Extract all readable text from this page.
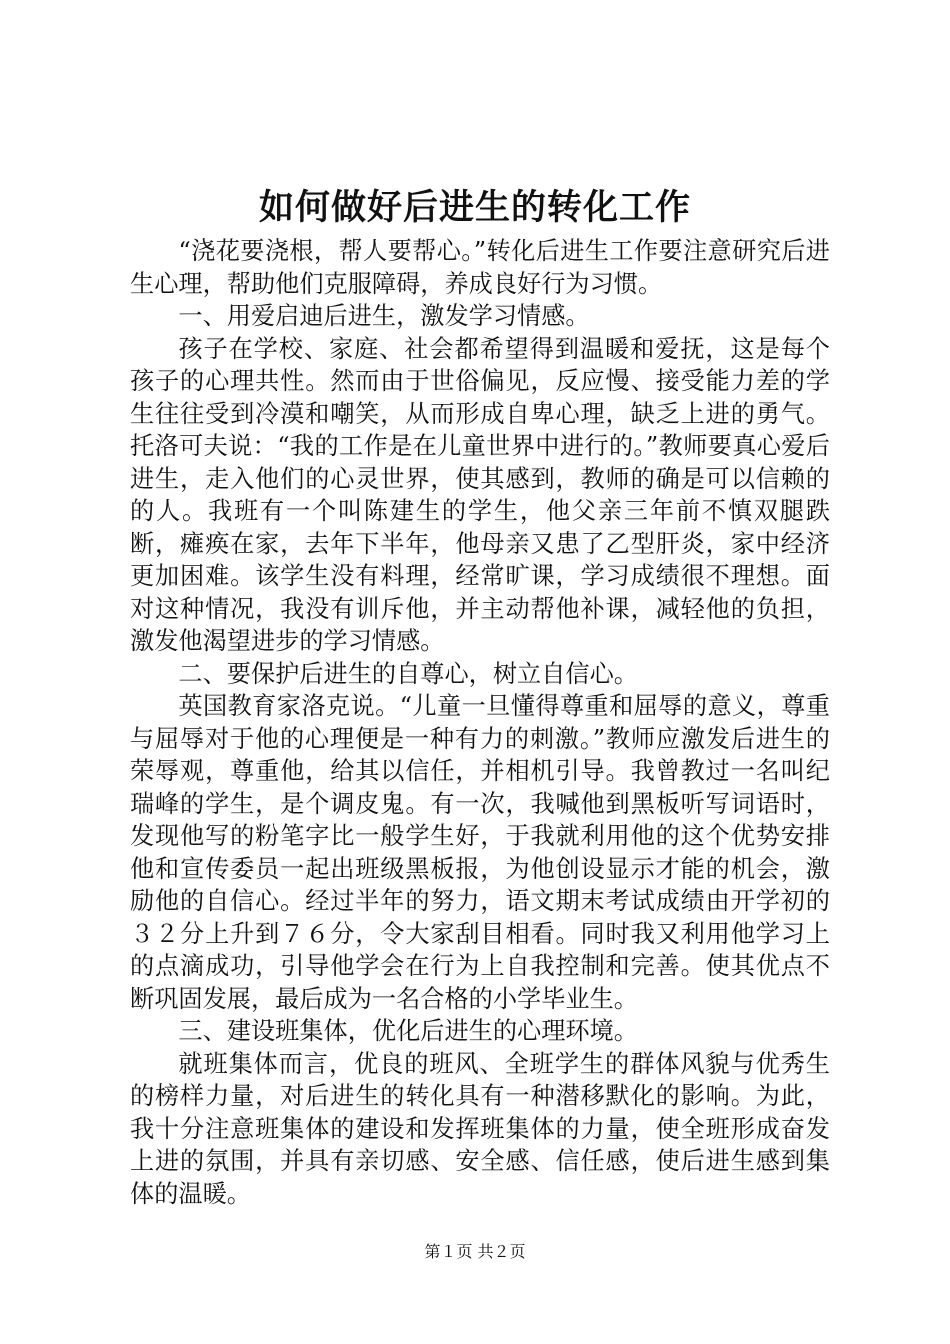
如何做好后进生的转化工作

“浇花要浇根，帮人要帮心。”转化后进生工作要注意研究后进生心理，帮助他们克服障碍，养成良好行为习惯。

一、用爱启迪后进生，激发学习情感。

孩子在学校、家庭、社会都希望得到温暖和爱抚，这是每个孩子的心理共性。然而由于世俗偏见，反应慢、接受能力差的学生往往受到冷漠和嘲笑，从而形成自卑心理，缺乏上进的勇气。托洛可夫说：“我的工作是在儿童世界中进行的。”教师要真心爱后进生，走入他们的心灵世界，使其感到，教师的确是可以信赖的的人。我班有一个叫陈建生的学生，他父亲三年前不慎双腿跌断，瘫痪在家，去年下半年，他母亲又患了乙型肝炎，家中经济更加困难。该学生没有料理，经常旷课，学习成绩很不理想。面对这种情况，我没有训斥他，并主动帮他补课，减轻他的负担，激发他渴望进步的学习情感。

二、要保护后进生的自尊心，树立自信心。

英国教育家洛克说。“儿童一旦懂得尊重和屈辱的意义，尊重与屈辱对于他的心理便是一种有力的刺激。”教师应激发后进生的荣辱观，尊重他，给其以信任，并相机引导。我曾教过一名叫纪瑞峰的学生，是个调皮鬼。有一次，我喊他到黑板听写词语时，发现他写的粉笔字比一般学生好，于我就利用他的这个优势安排他和宣传委员一起出班级黑板报，为他创设显示才能的机会，激励他的自信心。经过半年的努力，语文期末考试成绩由开学初的３２分上升到７６分，令大家刮目相看。同时我又利用他学习上的点滴成功，引导他学会在行为上自我控制和完善。使其优点不断巩固发展，最后成为一名合格的小学毕业生。

三、建设班集体，优化后进生的心理环境。

就班集体而言，优良的班风、全班学生的群体风貌与优秀生的榜样力量，对后进生的转化具有一种潜移默化的影响。为此，我十分注意班集体的建设和发挥班集体的力量，使全班形成奋发上进的氛围，并具有亲切感、安全感、信任感，使后进生感到集体的温暖。

第１页 共２页
